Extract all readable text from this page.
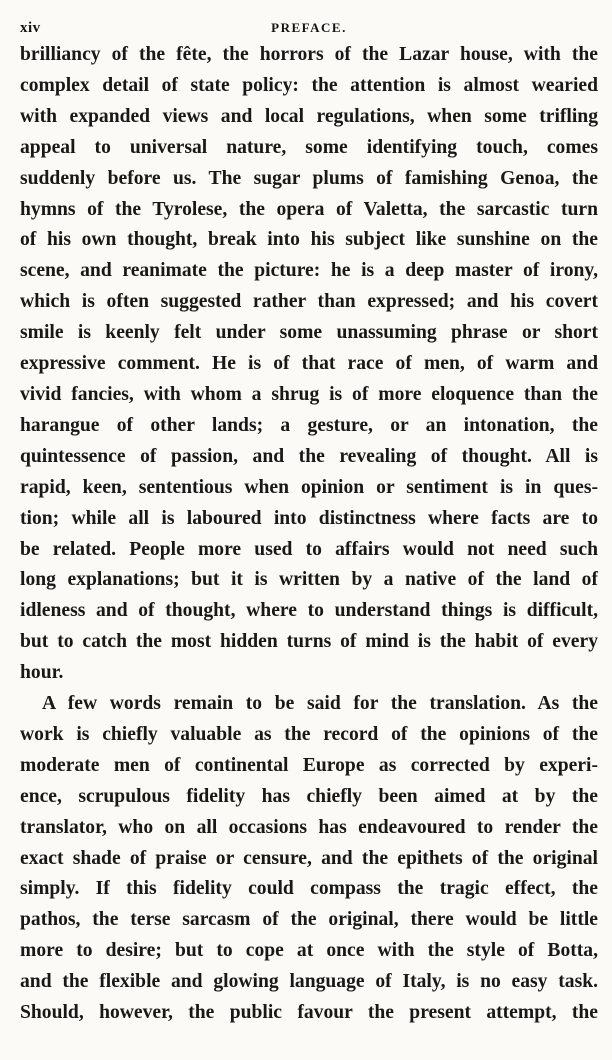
xiv	PREFACE.

brilliancy of the fête, the horrors of the Lazar house, with the
complex detail of state policy: the attention is almost wearied
with expanded views and local regulations, when some trifling
appeal to universal nature, some identifying touch, comes
suddenly before us. The sugar plums of famishing Genoa, the
hymns of the Tyrolese, the opera of Valetta, the sarcastic turn
of his own thought, break into his subject like sunshine on the
scene, and reanimate the picture: he is a deep master of irony,
which is often suggested rather than expressed; and his covert
smile is keenly felt under some unassuming phrase or short
expressive comment. He is of that race of men, of warm and
vivid fancies, with whom a shrug is of more eloquence than the
harangue of other lands; a gesture, or an intonation, the
quintessence of passion, and the revealing of thought. All is
rapid, keen, sententious when opinion or sentiment is in ques-
tion; while all is laboured into distinctness where facts are to
be related. People more used to affairs would not need such
long explanations; but it is written by a native of the land of
idleness and of thought, where to understand things is difficult,
but to catch the most hidden turns of mind is the habit of every
hour.

A few words remain to be said for the translation. As the
work is chiefly valuable as the record of the opinions of the
moderate men of continental Europe as corrected by experi-
ence, scrupulous fidelity has chiefly been aimed at by the
translator, who on all occasions has endeavoured to render the
exact shade of praise or censure, and the epithets of the original
simply. If this fidelity could compass the tragic effect, the
pathos, the terse sarcasm of the original, there would be little
more to desire; but to cope at once with the style of Botta,
and the flexible and glowing language of Italy, is no easy task.
Should, however, the public favour the present attempt, the
